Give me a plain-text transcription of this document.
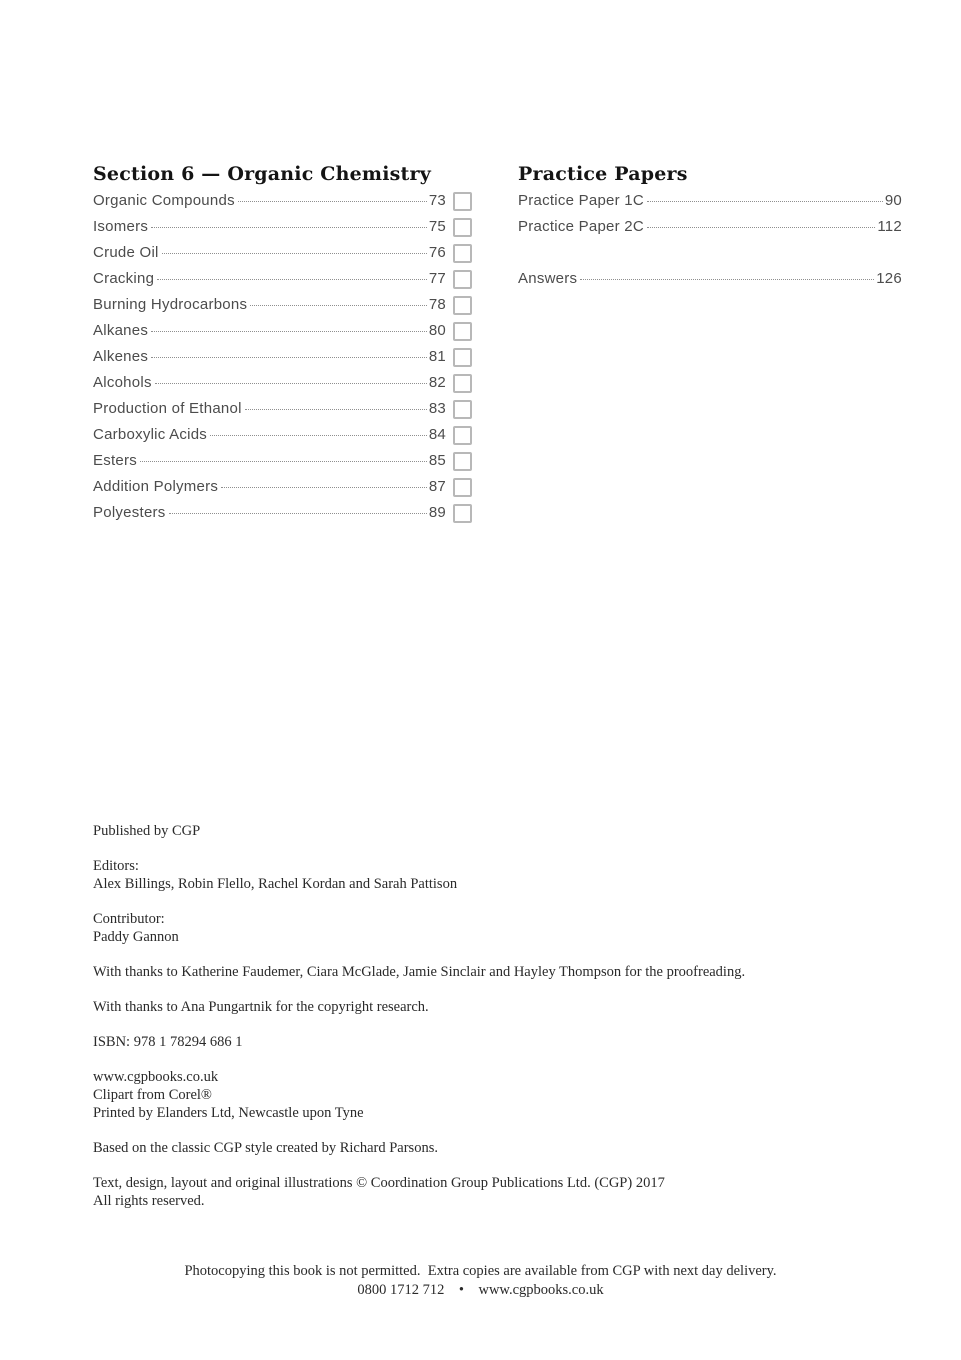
Section 6 — Organic Chemistry
Organic Compounds	73
Isomers	75
Crude Oil	76
Cracking	77
Burning Hydrocarbons	78
Alkanes	80
Alkenes	81
Alcohols	82
Production of Ethanol	83
Carboxylic Acids	84
Esters	85
Addition Polymers	87
Polyesters	89
Practice Papers
Practice Paper 1C	90
Practice Paper 2C	112
Answers	126

Published by CGP

Editors:
Alex Billings, Robin Flello, Rachel Kordan and Sarah Pattison

Contributor:
Paddy Gannon

With thanks to Katherine Faudemer, Ciara McGlade, Jamie Sinclair and Hayley Thompson for the proofreading.

With thanks to Ana Pungartnik for the copyright research.

ISBN: 978 1 78294 686 1

www.cgpbooks.co.uk
Clipart from Corel®
Printed by Elanders Ltd, Newcastle upon Tyne

Based on the classic CGP style created by Richard Parsons.

Text, design, layout and original illustrations © Coordination Group Publications Ltd. (CGP) 2017
All rights reserved.

Photocopying this book is not permitted. Extra copies are available from CGP with next day delivery.
0800 1712 712 • www.cgpbooks.co.uk
